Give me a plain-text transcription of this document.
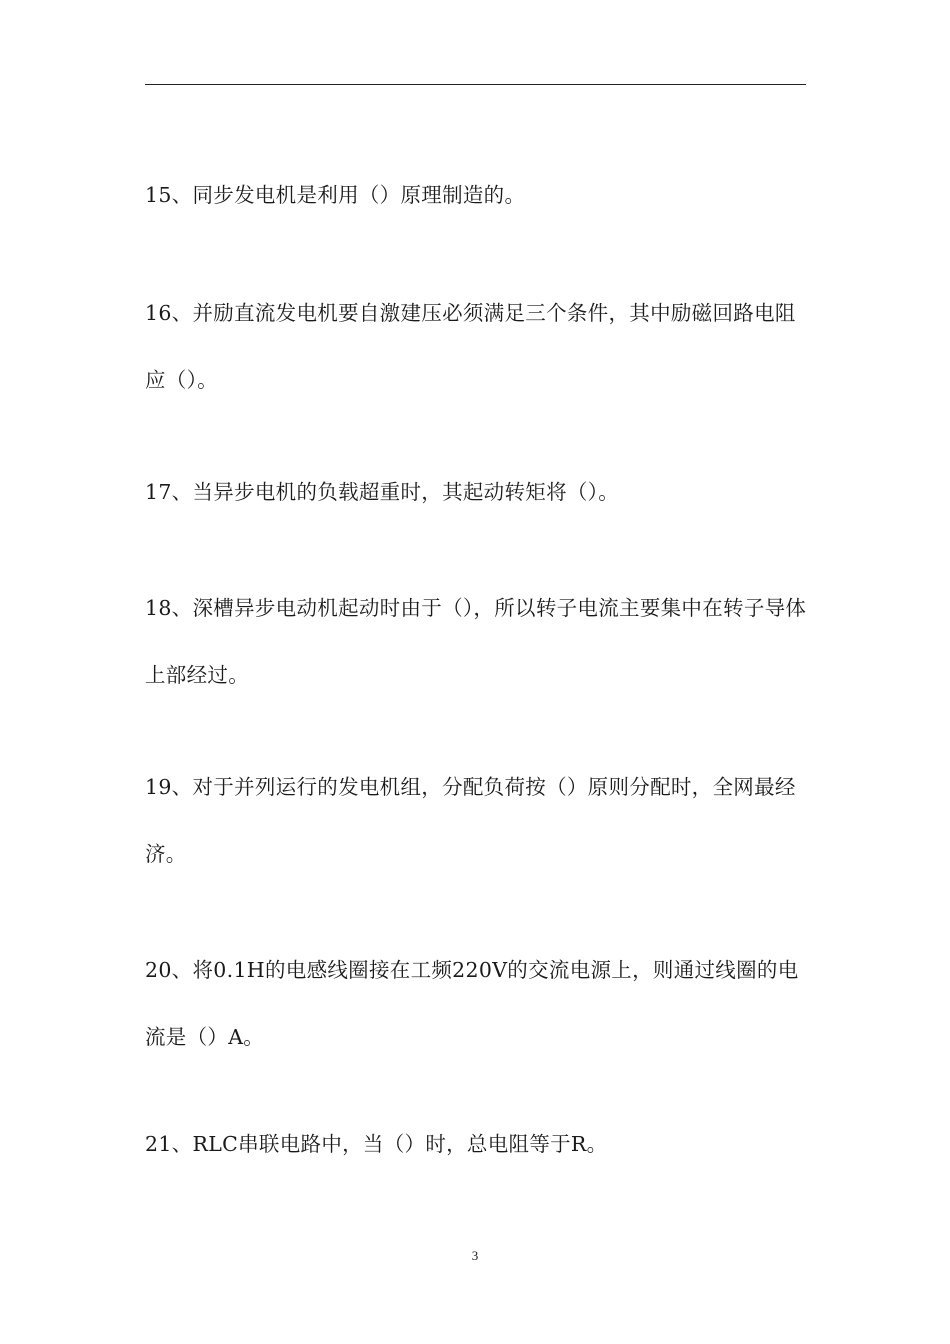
15、同步发电机是利用（）原理制造的。

16、并励直流发电机要自激建压必须满足三个条件，其中励磁回路电阻应（）。

17、当异步电机的负载超重时，其起动转矩将（）。

18、深槽异步电动机起动时由于（），所以转子电流主要集中在转子导体上部经过。

19、对于并列运行的发电机组，分配负荷按（）原则分配时，全网最经济。

20、将0.1H的电感线圈接在工频220V的交流电源上，则通过线圈的电流是（）A。

21、RLC串联电路中，当（）时，总电阻等于R。

3
